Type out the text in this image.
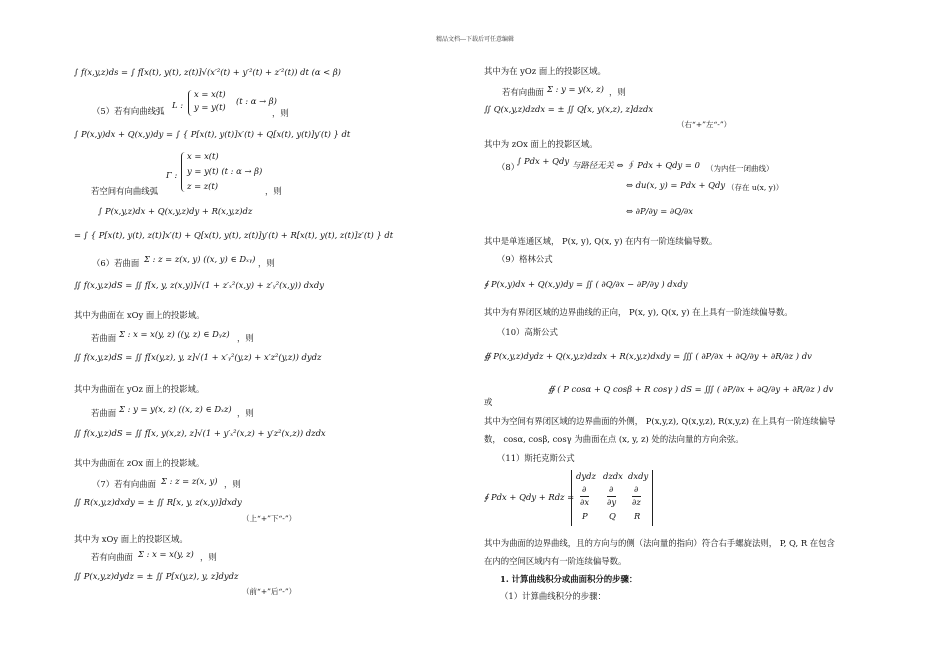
精品文档---下载后可任意编辑
∫ f(x,y,z)ds = ∫ f[x(t), y(t), z(t)]√(x′²(t) + y′²(t) + z′²(t)) dt (α < β)
（5）若有向曲线弧
L :
x = x(t)
y = y(t)
(t : α → β)
，则
∫ P(x,y)dx + Q(x,y)dy = ∫ { P[x(t), y(t)]x′(t) + Q[x(t), y(t)]y′(t) } dt
Γ :
x = x(t)
y = y(t) (t : α → β)
z = z(t)
若空间有向曲线弧	，则
∫ P(x,y,z)dx + Q(x,y,z)dy + R(x,y,z)dz
= ∫ { P[x(t), y(t), z(t)]x′(t) + Q[x(t), y(t), z(t)]y′(t) + R[x(t), y(t), z(t)]z′(t) } dt
（6）若曲面 Σ : z = z(x, y) ((x, y) ∈ Dₓᵧ) ，则
∬ f(x,y,z)dS = ∬ f[x, y, z(x,y)]√(1 + z′ₓ²(x,y) + z′ᵧ²(x,y)) dxdy
其中为曲面在 xOy 面上的投影域。
若曲面 Σ : x = x(y, z) ((y, z) ∈ Dᵧz) ，则
∬ f(x,y,z)dS = ∬ f[x(y,z), y, z]√(1 + x′ᵧ²(y,z) + x′z²(y,z)) dydz
其中为曲面在 yOz 面上的投影域。
若曲面 Σ : y = y(x, z) ((x, z) ∈ Dₓz) ，则
∬ f(x,y,z)dS = ∬ f[x, y(x,z), z]√(1 + y′ₓ²(x,z) + y′z²(x,z)) dzdx
其中为曲面在 zOx 面上的投影域。
（7）若有向曲面 Σ : z = z(x, y) ，则
∬ R(x,y,z)dxdy = ± ∬ R[x, y, z(x,y)]dxdy
（上“+”下“-”）
其中为 xOy 面上的投影区域。
若有向曲面 Σ : x = x(y, z) ，则
∬ P(x,y,z)dydz = ± ∬ P[x(y,z), y, z]dydz
（前“+”后“-”）
其中为在 yOz 面上的投影区域。
若有向曲面 Σ : y = y(x, z) ，则
∬ Q(x,y,z)dzdx = ± ∬ Q[x, y(x,z), z]dzdx
（右“+”左“-”）
其中为 zOx 面上的投影区域。
（8）
∫ Pdx + Qdy 与路径无关 ⇔ ∮ Pdx + Qdy = 0 （为内任一闭曲线）
⇔ du(x, y) = Pdx + Qdy （存在 u(x, y)）
⇔ ∂P/∂y = ∂Q/∂x
其中是单连通区域， P(x, y), Q(x, y) 在内有一阶连续偏导数。
（9）格林公式
∮ P(x,y)dx + Q(x,y)dy = ∬ ( ∂Q/∂x − ∂P/∂y ) dxdy
其中为有界闭区域的边界曲线的正向， P(x, y), Q(x, y) 在上具有一阶连续偏导数。
（10）高斯公式
∯ P(x,y,z)dydz + Q(x,y,z)dzdx + R(x,y,z)dxdy = ∭ ( ∂P/∂x + ∂Q/∂y + ∂R/∂z ) dv
或
∯ ( P cosα + Q cosβ + R cosγ ) dS = ∭ ( ∂P/∂x + ∂Q/∂y + ∂R/∂z ) dv
其中为空间有界闭区域的边界曲面的外侧， P(x,y,z), Q(x,y,z), R(x,y,z) 在上具有一阶连续偏导
数， cosα, cosβ, cosγ 为曲面在点 (x, y, z) 处的法向量的方向余弦。
（11）斯托克斯公式
∮ Pdx + Qdy + Rdz =
dydz dzdx dxdy
∂	∂ ∂
∂x ∂y ∂z
P	Q R
其中为曲面的边界曲线，且的方向与的侧（法向量的指向）符合右手螺旋法则， P, Q, R 在包含
在内的空间区域内有一阶连续偏导数。
1. 计算曲线积分或曲面积分的步骤：
（1）计算曲线积分的步骤：
